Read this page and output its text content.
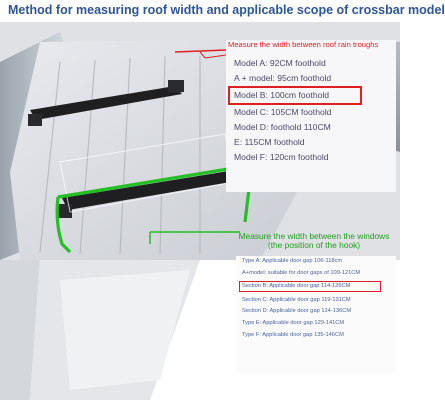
Method for measuring roof width and applicable scope of crossbar model
Measure the width between roof rain troughs
Model A: 92CM foothold
A + model: 95cm foothold
Model B: 100cm foothold
Model C: 105CM foothold
Model D: foothold 110CM
E: 115CM foothold
Model F: 120cm foothold
Measure the width between the windows
(the position of the hook)
Type A: Applicable door gap 106-118cm
A+model: suitable for door gaps of 109-121CM
Section B: Applicable door gap 114-126CM
Section C: Applicable door gap 119-131CM
Section D: Applicable door gap 124-136CM
Type E: Applicable door gap 129-141CM
Type F: Applicable door gap 135-146CM
